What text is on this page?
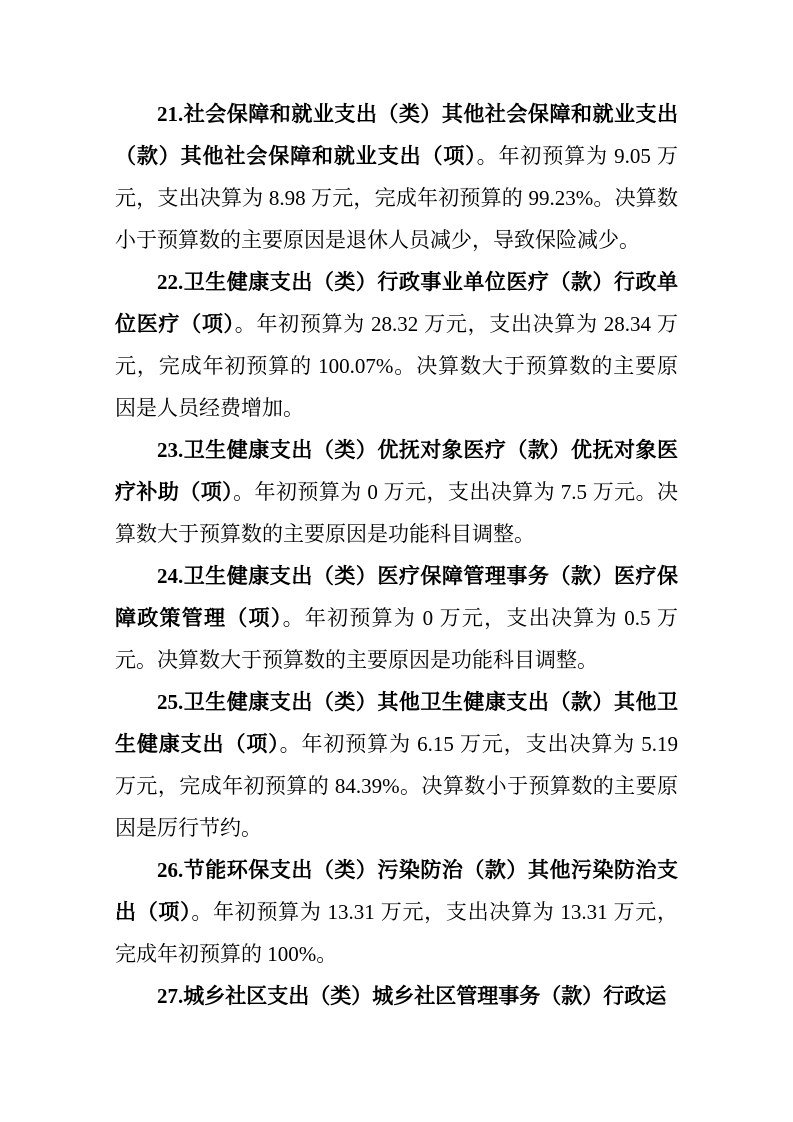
21.社会保障和就业支出（类）其他社会保障和就业支出（款）其他社会保障和就业支出（项）。年初预算为 9.05 万元，支出决算为 8.98 万元，完成年初预算的 99.23%。决算数小于预算数的主要原因是退休人员减少，导致保险减少。

22.卫生健康支出（类）行政事业单位医疗（款）行政单位医疗（项）。年初预算为 28.32 万元，支出决算为 28.34 万元，完成年初预算的 100.07%。决算数大于预算数的主要原因是人员经费增加。

23.卫生健康支出（类）优抚对象医疗（款）优抚对象医疗补助（项）。年初预算为 0 万元，支出决算为 7.5 万元。决算数大于预算数的主要原因是功能科目调整。

24.卫生健康支出（类）医疗保障管理事务（款）医疗保障政策管理（项）。年初预算为 0 万元，支出决算为 0.5 万元。决算数大于预算数的主要原因是功能科目调整。

25.卫生健康支出（类）其他卫生健康支出（款）其他卫生健康支出（项）。年初预算为 6.15 万元，支出决算为 5.19 万元，完成年初预算的 84.39%。决算数小于预算数的主要原因是厉行节约。

26.节能环保支出（类）污染防治（款）其他污染防治支出（项）。年初预算为 13.31 万元，支出决算为 13.31 万元，完成年初预算的 100%。

27.城乡社区支出（类）城乡社区管理事务（款）行政运
